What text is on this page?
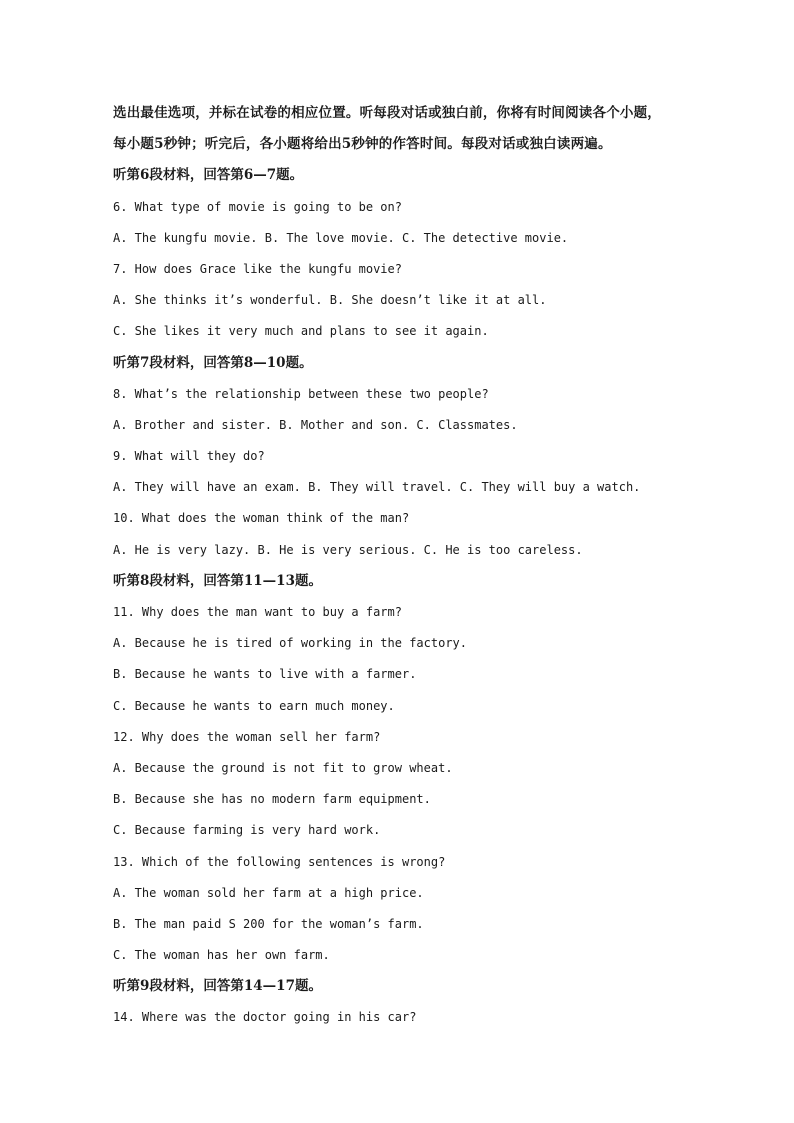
选出最佳选项，并标在试卷的相应位置。听每段对话或独白前，你将有时间阅读各个小题，
每小题5秒钟；听完后，各小题将给出5秒钟的作答时间。每段对话或独白读两遍。
听第6段材料，回答第6—7题。
6. What type of movie is going to be on?
A. The kungfu movie. B. The love movie. C. The detective movie.
7. How does Grace like the kungfu movie?
A. She thinks it’s wonderful. B. She doesn’t like it at all.
C. She likes it very much and plans to see it again.
听第7段材料，回答第8—10题。
8. What’s the relationship between these two people?
A. Brother and sister. B. Mother and son. C. Classmates.
9. What will they do?
A. They will have an exam. B. They will travel. C. They will buy a watch.
10. What does the woman think of the man?
A. He is very lazy. B. He is very serious. C. He is too careless.
听第8段材料，回答第11—13题。
11. Why does the man want to buy a farm?
A. Because he is tired of working in the factory.
B. Because he wants to live with a farmer.
C. Because he wants to earn much money.
12. Why does the woman sell her farm?
A. Because the ground is not fit to grow wheat.
B. Because she has no modern farm equipment.
C. Because farming is very hard work.
13. Which of the following sentences is wrong?
A. The woman sold her farm at a high price.
B. The man paid S 200 for the woman’s farm.
C. The woman has her own farm.
听第9段材料，回答第14—17题。
14. Where was the doctor going in his car?
